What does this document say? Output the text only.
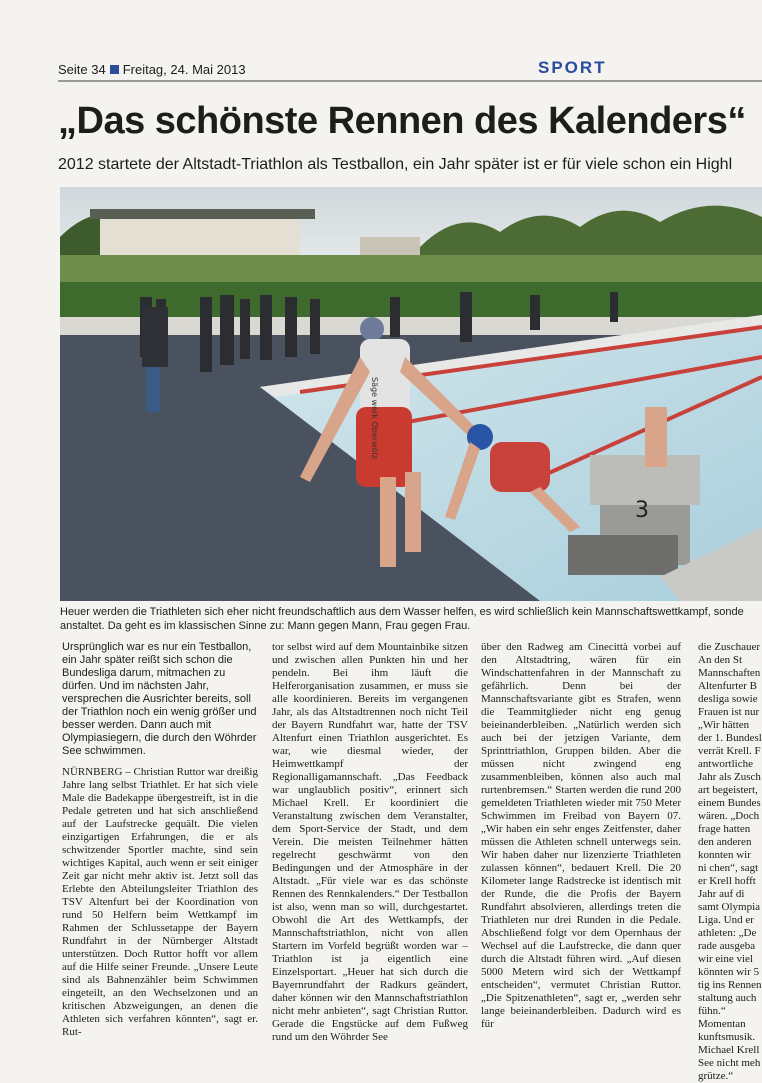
Seite 34 Freitag, 24. Mai 2013	SPORT
„Das schönste Rennen des Kalenders“
2012 startete der Altstadt-Triathlon als Testballon, ein Jahr später ist er für viele schon ein Highl
3
Säge werk Oberwölz
Heuer werden die Triathleten sich eher nicht freundschaftlich aus dem Wasser helfen, es wird schließlich kein Mannschaftswettkampf, sonde
anstaltet. Da geht es im klassischen Sinne zu: Mann gegen Mann, Frau gegen Frau.

Ursprünglich war es nur ein Testballon, ein Jahr später reißt sich schon die Bundesliga darum, mitmachen zu dürfen. Und im nächsten Jahr, versprechen die Ausrichter bereits, soll der Triathlon noch ein wenig größer und besser werden. Dann auch mit Olympiasiegern, die durch den Wöhrder See schwimmen.

NÜRNBERG – Christian Ruttor war dreißig Jahre lang selbst Triathlet. Er hat sich viele Male die Badekappe übergestreift, ist in die Pedale getreten und hat sich anschließend auf der Laufstrecke gequält. Die vielen einzigartigen Erfahrungen, die er als schwitzender Sportler machte, sind sein wichtiges Kapital, auch wenn er seit einiger Zeit gar nicht mehr aktiv ist. Jetzt soll das Erlebte den Abteilungsleiter Triathlon des TSV Altenfurt bei der Koordination von rund 50 Helfern beim Wettkampf im Rahmen der Schlussetappe der Bayern Rundfahrt in der Nürnberger Altstadt unterstützen. Doch Ruttor hofft vor allem auf die Hilfe seiner Freunde. „Unsere Leute sind als Bahnenzähler beim Schwimmen eingeteilt, an den Wechselzonen und an kritischen Abzweigungen, an denen die Athleten sich verfahren könnten“, sagt er. Rut-

tor selbst wird auf dem Mountainbike sitzen und zwischen allen Punkten hin und her pendeln. Bei ihm läuft die Helferorganisation zusammen, er muss sie alle koordinieren. Bereits im vergangenen Jahr, als das Altstadtrennen noch nicht Teil der Bayern Rundfahrt war, hatte der TSV Altenfurt einen Triathlon ausgerichtet. Es war, wie diesmal wieder, der Heimwettkampf der Regionalligamannschaft. „Das Feedback war unglaublich positiv“, erinnert sich Michael Krell. Er koordiniert die Veranstaltung zwischen dem Veranstalter, dem Sport-Service der Stadt, und dem Verein. Die meisten Teilnehmer hätten regelrecht geschwärmt von den Bedingungen und der Atmosphäre in der Altstadt. „Für viele war es das schönste Rennen des Rennkalenders.“ Der Testballon ist also, wenn man so will, durchgestartet. Obwohl die Art des Wettkampfs, der Mannschaftstriathlon, nicht von allen Startern im Vorfeld begrüßt worden war – Triathlon ist ja eigentlich eine Einzelsportart. „Heuer hat sich durch die Bayernrundfahrt der Radkurs geändert, daher können wir den Mannschaftstriathlon nicht mehr anbieten“, sagt Christian Ruttor. Gerade die Engstücke auf dem Fußweg rund um den Wöhrder See

über den Radweg am Cinecittà vorbei auf den Altstadtring, wären für ein Windschattenfahren in der Mannschaft zu gefährlich. Denn bei der Mannschaftsvariante gibt es Strafen, wenn die Teammitglieder nicht eng genug beieinanderbleiben. „Natürlich werden sich auch bei der jetzigen Variante, dem Sprinttriathlon, Gruppen bilden. Aber die müssen nicht zwingend eng zusammenbleiben, können also auch mal rurtenbremsen.“ Starten werden die rund 200 gemeldeten Triathleten wieder mit 750 Meter Schwimmen im Freibad von Bayern 07. „Wir haben ein sehr enges Zeitfenster, daher müssen die Athleten schnell unterwegs sein. Wir haben daher nur lizenzierte Triathleten zulassen können“, bedauert Krell. Die 20 Kilometer lange Radstrecke ist identisch mit der Runde, die die Profis der Bayern Rundfahrt absolvieren, allerdings treten die Triathleten nur drei Runden in die Pedale. Abschließend folgt vor dem Opernhaus der Wechsel auf die Laufstrecke, die dann quer durch die Altstadt führen wird. „Auf diesen 5000 Metern wird sich der Wettkampf entscheiden“, vermutet Christian Ruttor. „Die Spitzenathleten“, sagt er, „werden sehr lange beieinanderbleiben. Dadurch wird es für

die Zuschauer An den St Mannschaften Altenfurter B desliga sowie Frauen ist nur „Wir hätten der 1. Bundesl verrät Krell. F antwortliche Jahr als Zusch art begeistert, einem Bundes wären. „Doch frage hatten den anderen konnten wir ni chen“, sagt er Krell hofft Jahr auf di samt Olympia Liga. Und er athleten: „De rade ausgeba wir eine viel könnten wir 5 tig ins Rennen staltung auch fühn.“ Momentan kunftsmusik. Michael Krell See nicht meh grütze.“
